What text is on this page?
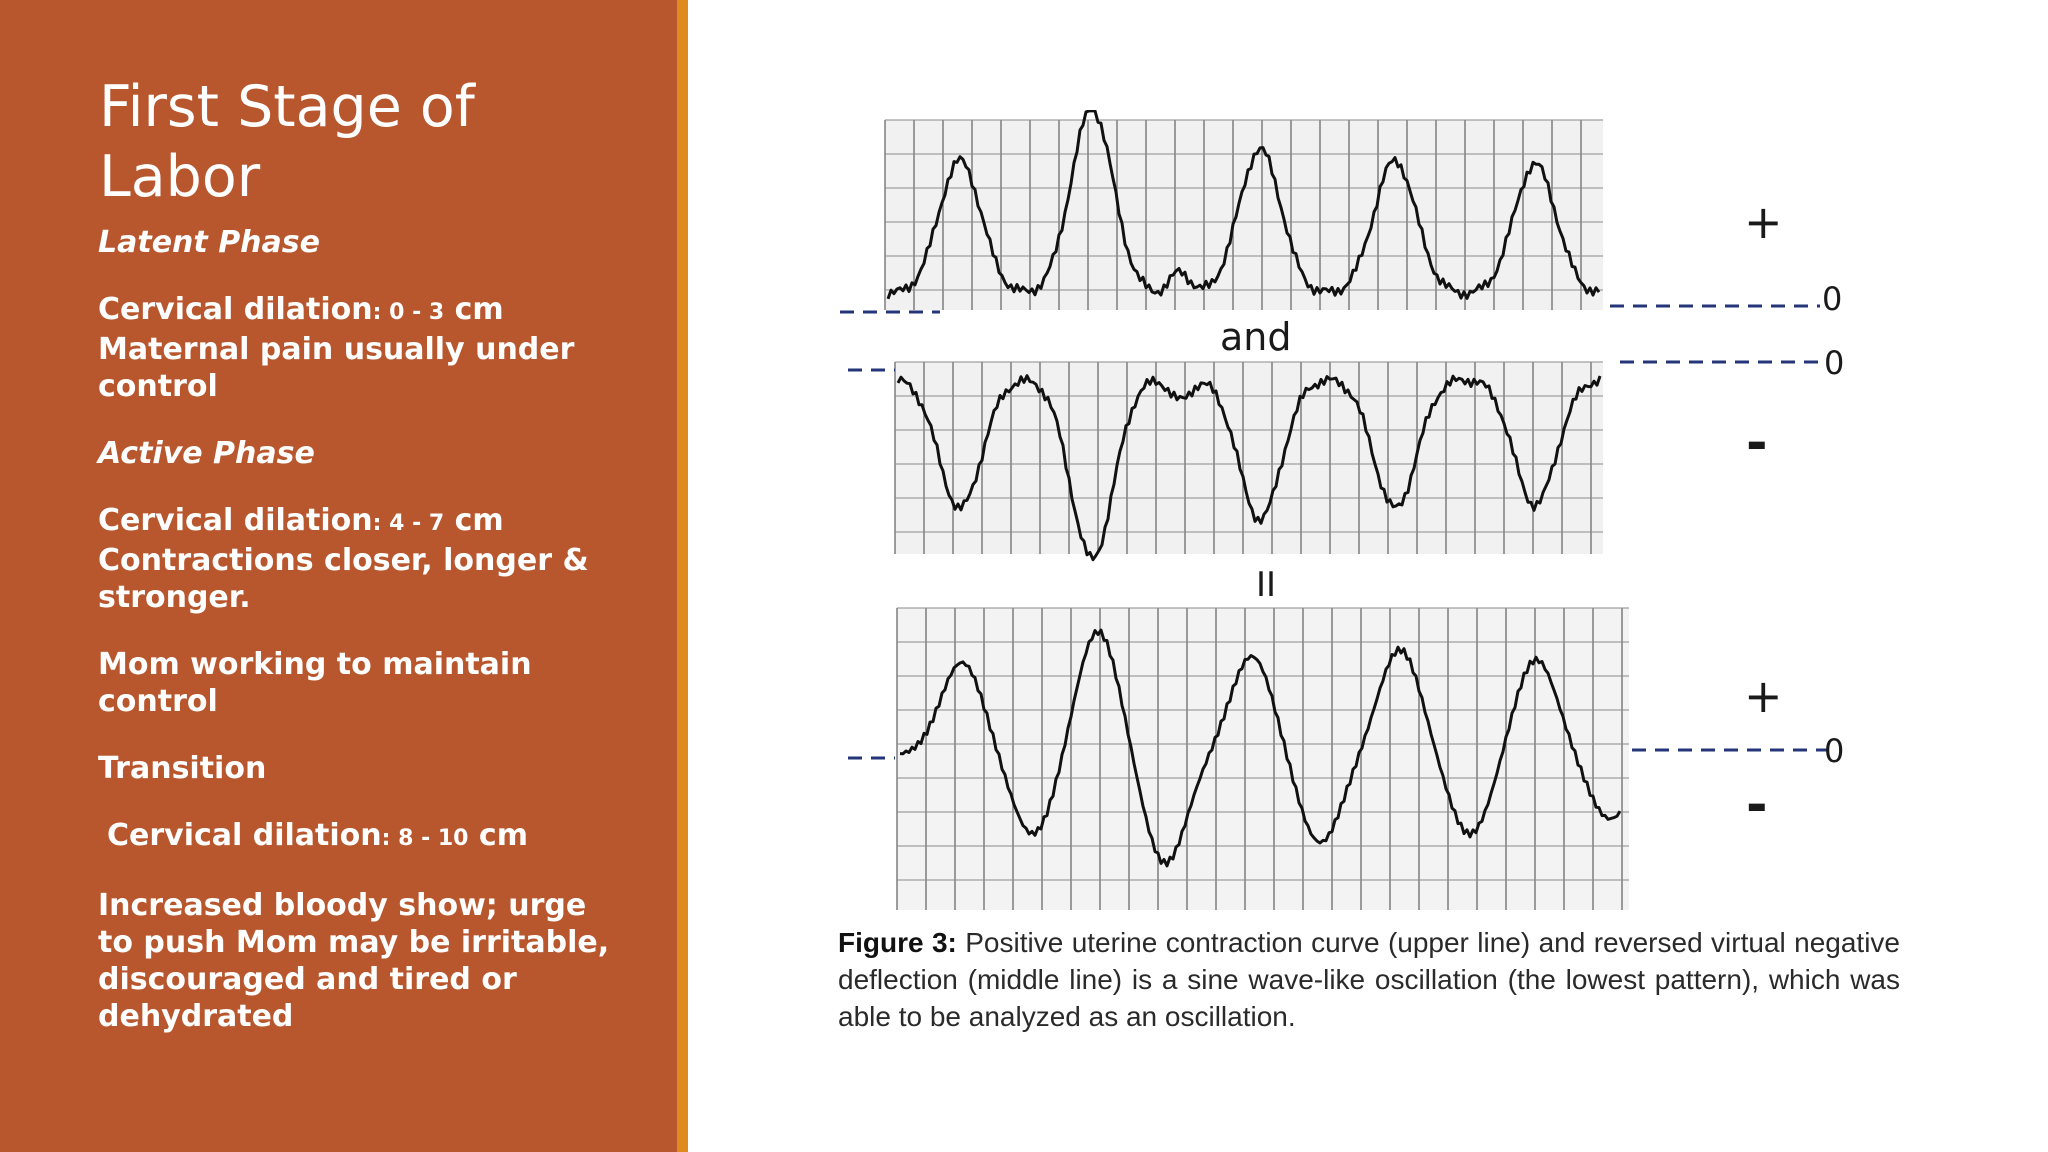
First Stage of
Labor

Latent Phase

Cervical dilation: 0 - 3 cm

Maternal pain usually under

control

Active Phase

Cervical dilation: 4 - 7 cm

Contractions closer, longer &

stronger.

Mom working to maintain

control

Transition

Cervical dilation: 8 - 10 cm

Increased bloody show; urge

to push Mom may be irritable,

discouraged and tired or

dehydrated

and
II
+
0
0
-
+
0
-

Figure 3: Positive uterine contraction curve (upper line) and reversed virtual negative deflection (middle line) is a sine wave-like oscillation (the lowest pattern), which was able to be analyzed as an oscillation.
